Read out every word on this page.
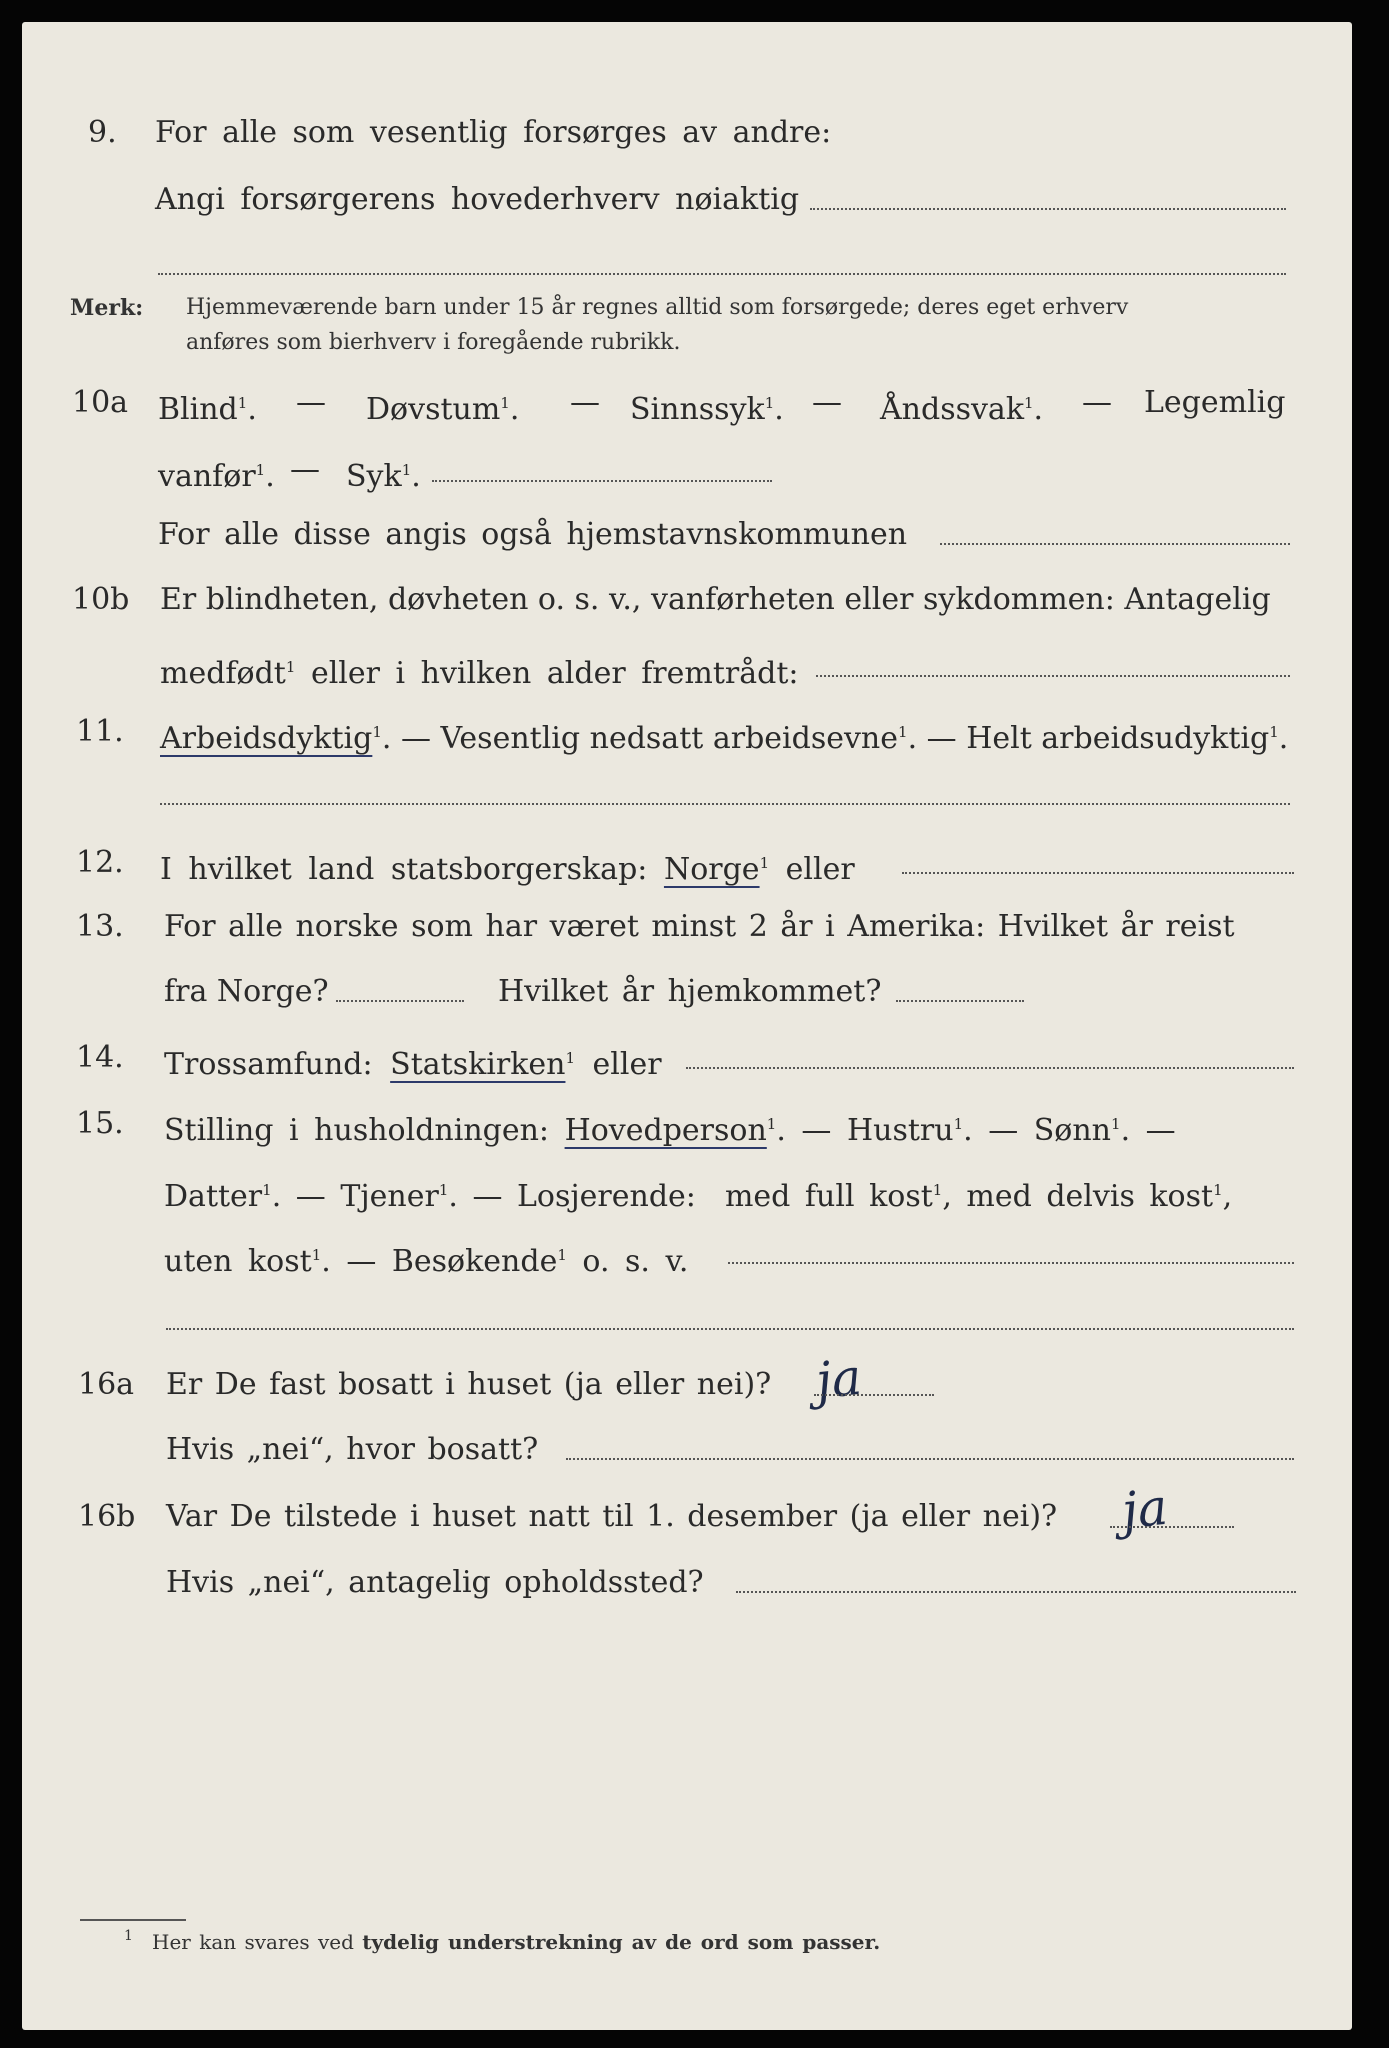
9. For alle som vesentlig forsørges av andre:
Angi forsørgerens hovederhverv nøiaktig
Merk: Hjemmeværende barn under 15 år regnes alltid som forsørgede; deres eget erhverv
anføres som bierhverv i foregående rubrikk.
10a Blind$^1$. — Døvstum$^1$. — Sinnssyk$^1$. — Åndssvak$^1$. — Legemlig
vanfør$^1$. — Syk$^1$.
For alle disse angis også hjemstavnskommunen
10b Er blindheten, døvheten o. s. v., vanførheten eller sykdommen: Antagelig
medfødt$^1$ eller i hvilken alder fremtrådt:
11. Arbeidsdyktig$^1$. — Vesentlig nedsatt arbeidsevne$^1$. — Helt arbeidsudyktig$^1$.
12. I hvilket land statsborgerskap: Norge$^1$ eller
13. For alle norske som har været minst 2 år i Amerika: Hvilket år reist
fra Norge?	Hvilket år hjemkommet?
14. Trossamfund: Statskirken$^1$ eller
15. Stilling i husholdningen: Hovedperson$^1$. — Hustru$^1$. — Sønn$^1$. —
Datter$^1$. — Tjener$^1$. — Losjerende: med full kost$^1$, med delvis kost$^1$,
uten kost$^1$. — Besøkende$^1$ o. s. v.
16a Er De fast bosatt i huset (ja eller nei)? ja
Hvis „nei“, hvor bosatt?
16b Var De tilstede i huset natt til 1. desember (ja eller nei)? ja
Hvis „nei“, antagelig opholdssted?
1 Her kan svares ved tydelig understrekning av de ord som passer.
